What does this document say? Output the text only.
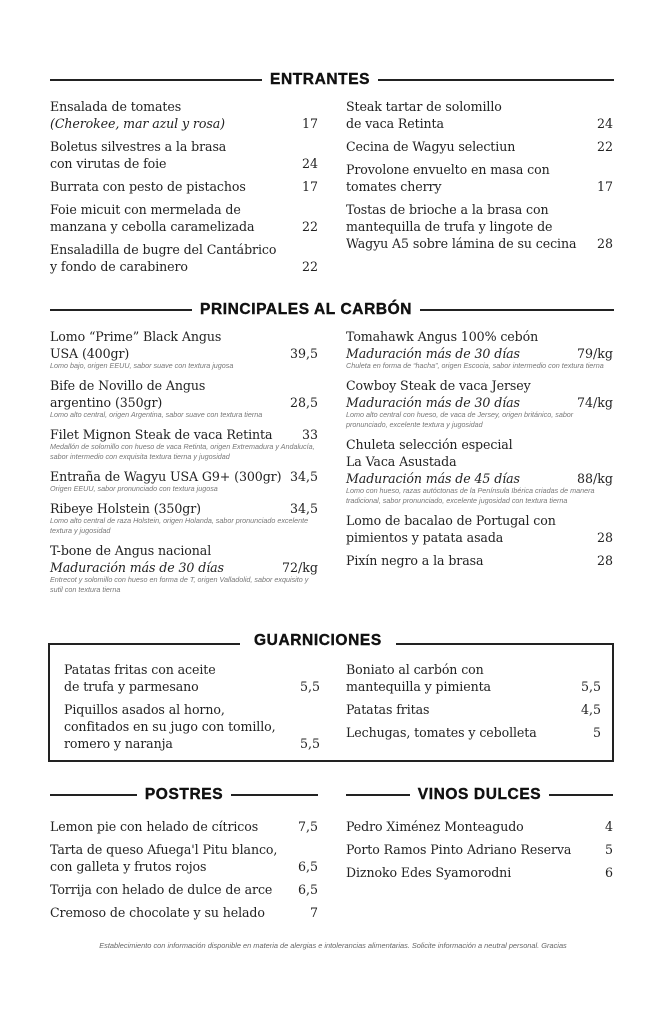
ENTRANTES
Ensalada de tomates
(Cherokee, mar azul y rosa)	17
Boletus silvestres a la brasa
con virutas de foie	24
Burrata con pesto de pistachos	17
Foie micuit con mermelada de
manzana y cebolla caramelizada	22
Ensaladilla de bugre del Cantábrico
y fondo de carabinero	22
Steak tartar de solomillo
de vaca Retinta	24
Cecina de Wagyu selectiun	22
Provolone envuelto en masa con
tomates cherry	17
Tostas de brioche a la brasa con
mantequilla de trufa y lingote de
Wagyu A5 sobre lámina de su cecina	28
PRINCIPALES AL CARBÓN
Lomo “Prime” Black Angus
USA (400gr)	39,5
Lomo bajo, origen EEUU, sabor suave con textura jugosa
Bife de Novillo de Angus
argentino (350gr)	28,5
Lomo alto central, origen Argentina, sabor suave con textura tierna
Filet Mignon Steak de vaca Retinta	33
Medallón de solomillo con hueso de vaca Retinta, origen Extremadura y Andalucía, sabor intermedio con exquisita textura tierna y jugosidad
Entraña de Wagyu USA G9+ (300gr) 34,5
Origen EEUU, sabor pronunciado con textura jugosa
Ribeye Holstein (350gr)	34,5
Lomo alto central de raza Holstein, origen Holanda, sabor pronunciado excelente textura y jugosidad
T-bone de Angus nacional
Maduración más de 30 días	72/kg
Entrecot y solomillo con hueso en forma de T, origen Valladolid, sabor exquisito y sutil con textura tierna
Tomahawk Angus 100% cebón
Maduración más de 30 días	79/kg
Chuleta en forma de “hacha”, origen Escocia, sabor intermedio con textura tierna
Cowboy Steak de vaca Jersey
Maduración más de 30 días	74/kg
Lomo alto central con hueso, de vaca de Jersey, origen británico, sabor pronunciado, excelente textura y jugosidad
Chuleta selección especial
La Vaca Asustada
Maduración más de 45 días	88/kg
Lomo con hueso, razas autóctonas de la Península Ibérica criadas de manera tradicional, sabor pronunciado, excelente jugosidad con textura tierna
Lomo de bacalao de Portugal con
pimientos y patata asada	28
Pixín negro a la brasa	28
GUARNICIONES
Patatas fritas con aceite
de trufa y parmesano	5,5
Piquillos asados al horno,
confitados en su jugo con tomillo,
romero y naranja	5,5
Boniato al carbón con
mantequilla y pimienta	5,5
Patatas fritas	4,5
Lechugas, tomates y cebolleta	5
POSTRES	VINOS DULCES
Lemon pie con helado de cítricos	7,5
Tarta de queso Afuega'l Pitu blanco,
con galleta y frutos rojos	6,5
Torrija con helado de dulce de arce	6,5
Cremoso de chocolate y su helado	7
Pedro Ximénez Monteagudo	4
Porto Ramos Pinto Adriano Reserva	5
Diznoko Edes Syamorodni	6
Establecimiento con información disponible en materia de alergias e intolerancias alimentarias. Solicite información a neutral personal. Gracias
